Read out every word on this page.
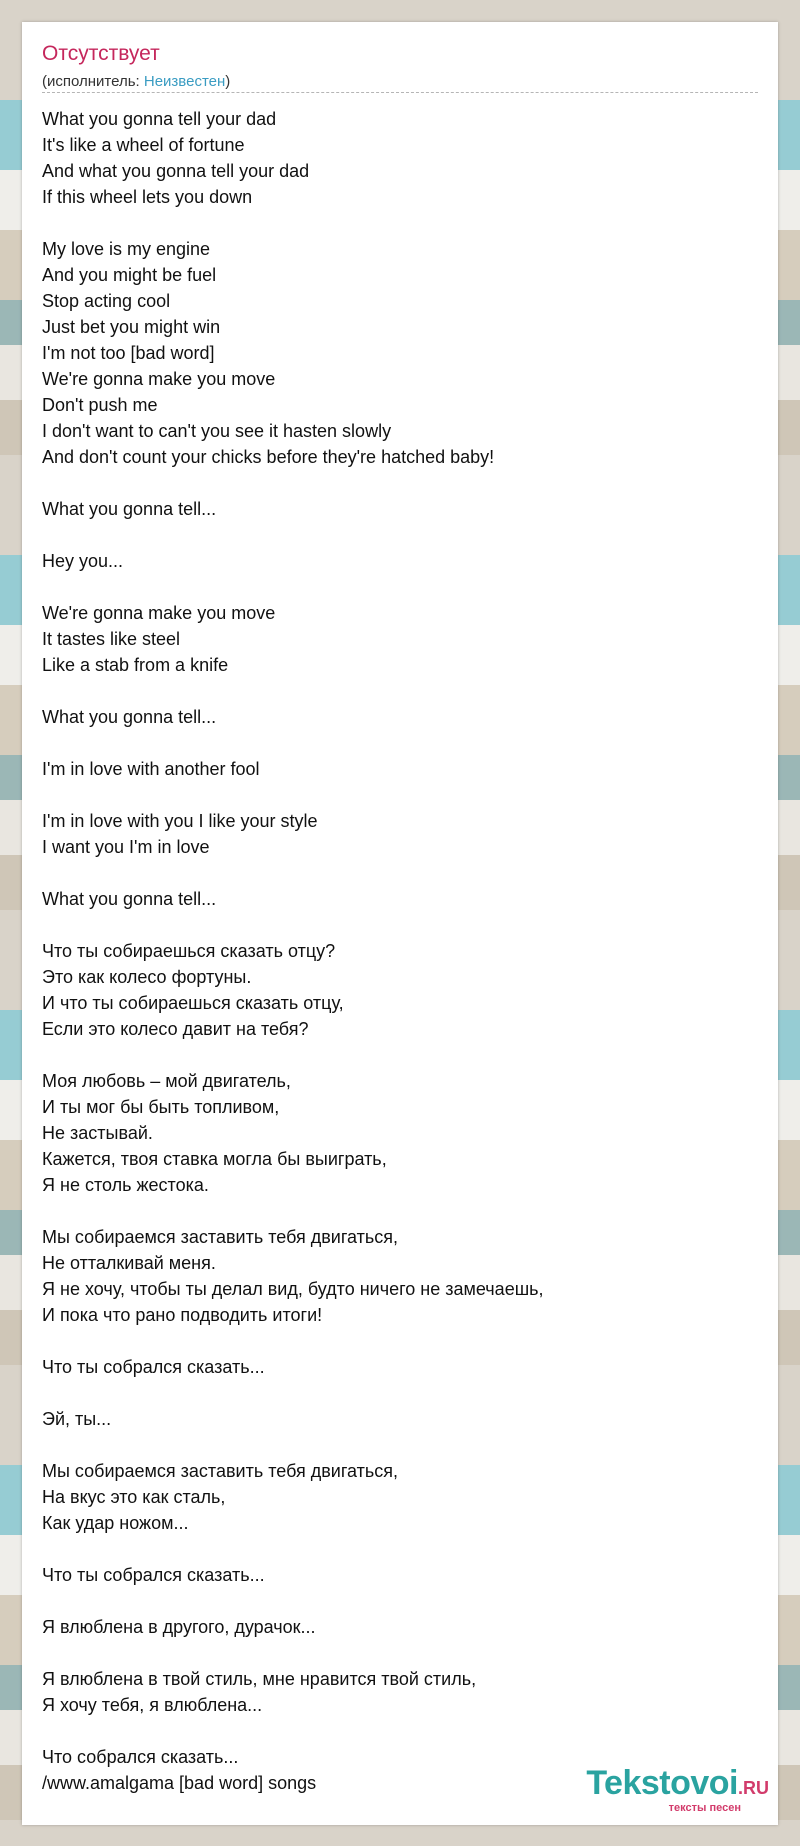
Отсутствует
(исполнитель: Неизвестен)
What you gonna tell your dad
It's like a wheel of fortune
And what you gonna tell your dad
If this wheel lets you down
My love is my engine
And you might be fuel
Stop acting cool
Just bet you might win
I'm not too [bad word]
We're gonna make you move
Don't push me
I don't want to can't you see it hasten slowly
And don't count your chicks before they're hatched baby!
What you gonna tell...
Hey you...
We're gonna make you move
It tastes like steel
Like a stab from a knife
What you gonna tell...
I'm in love with another fool
I'm in love with you I like your style
I want you I'm in love
What you gonna tell...
Что ты собираешься сказать отцу?
Это как колесо фортуны.
И что ты собираешься сказать отцу,
Если это колесо давит на тебя?
Моя любовь – мой двигатель,
И ты мог бы быть топливом,
Не застывай.
Кажется, твоя ставка могла бы выиграть,
Я не столь жестока.
Мы собираемся заставить тебя двигаться,
Не отталкивай меня.
Я не хочу, чтобы ты делал вид, будто ничего не замечаешь,
И пока что рано подводить итоги!
Что ты собрался сказать...
Эй, ты...
Мы собираемся заставить тебя двигаться,
На вкус это как сталь,
Как удар ножом...
Что ты собрался сказать...
Я влюблена в другого, дурачок...
Я влюблена в твой стиль, мне нравится твой стиль,
Я хочу тебя, я влюблена...
Что собрался сказать...
/www.amalgama [bad word] songs	Tekstovoi.RU
тексты песен
